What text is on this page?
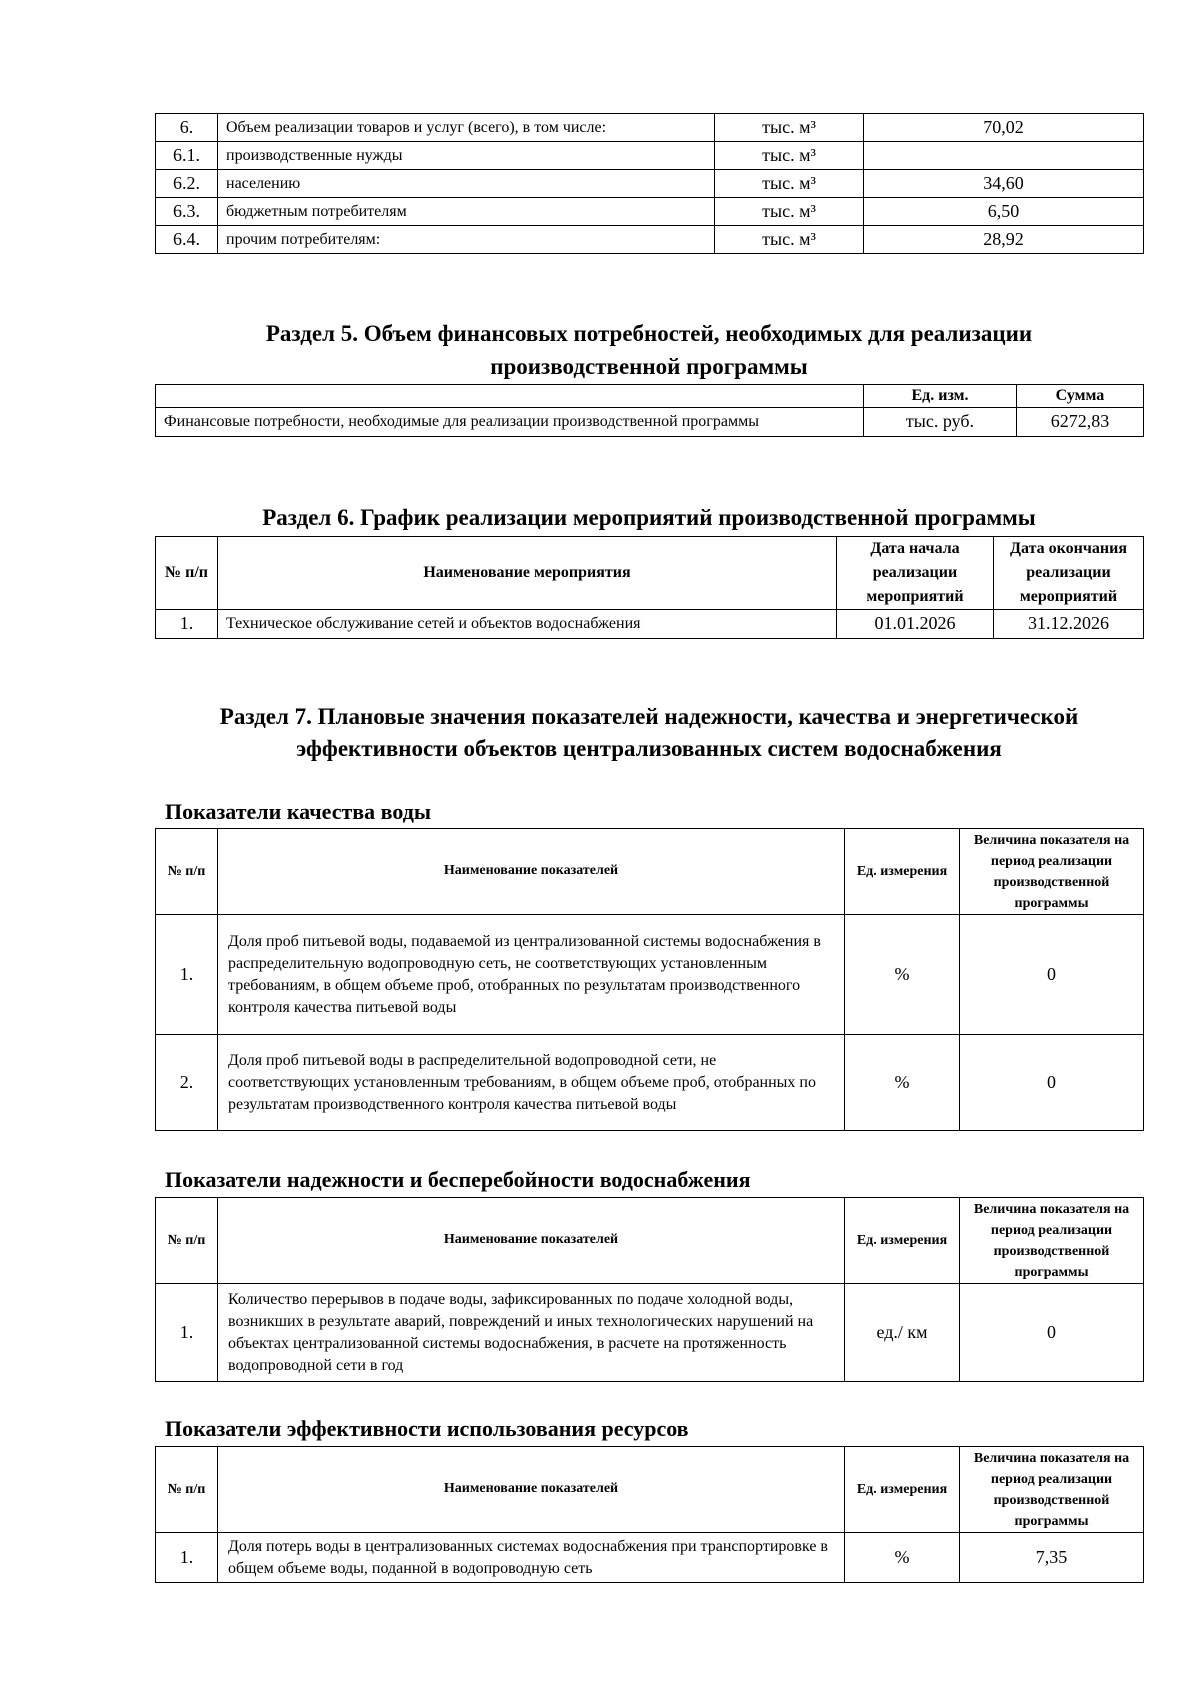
6.	Объем реализации товаров и услуг (всего), в том числе:	тыс. м³	70,02
6.1.	производственные нужды	тыс. м³	
6.2.	населению	тыс. м³	34,60
6.3.	бюджетным потребителям	тыс. м³	6,50
6.4.	прочим потребителям:	тыс. м³	28,92
Раздел 5. Объем финансовых потребностей, необходимых для реализации
производственной программы
	Ед. изм.	Сумма
Финансовые потребности, необходимые для реализации производственной программы	тыс. руб.	6272,83
Раздел 6. График реализации мероприятий производственной программы
№ п/п	Наименование мероприятия	Дата начала реализации мероприятий	Дата окончания реализации мероприятий
1.	Техническое обслуживание сетей и объектов водоснабжения	01.01.2026	31.12.2026
Раздел 7. Плановые значения показателей надежности, качества и энергетической
эффективности объектов централизованных систем водоснабжения
Показатели качества воды
№ п/п	Наименование показателей	Ед. измерения	Величина показателя на период реализации производственной программы
1.	Доля проб питьевой воды, подаваемой из централизованной системы водоснабжения в распределительную водопроводную сеть, не соответствующих установленным требованиям, в общем объеме проб, отобранных по результатам производственного контроля качества питьевой воды	%	0
2.	Доля проб питьевой воды в распределительной водопроводной сети, не соответствующих установленным требованиям, в общем объеме проб, отобранных по результатам производственного контроля качества питьевой воды	%	0
Показатели надежности и бесперебойности водоснабжения
№ п/п	Наименование показателей	Ед. измерения	Величина показателя на период реализации производственной программы
1.	Количество перерывов в подаче воды, зафиксированных по подаче холодной воды, возникших в результате аварий, повреждений и иных технологических нарушений на объектах централизованной системы водоснабжения, в расчете на протяженность водопроводной сети в год	ед./ км	0
Показатели эффективности использования ресурсов
№ п/п	Наименование показателей	Ед. измерения	Величина показателя на период реализации производственной программы
1.	Доля потерь воды в централизованных системах водоснабжения при транспортировке в общем объеме воды, поданной в водопроводную сеть	%	7,35
